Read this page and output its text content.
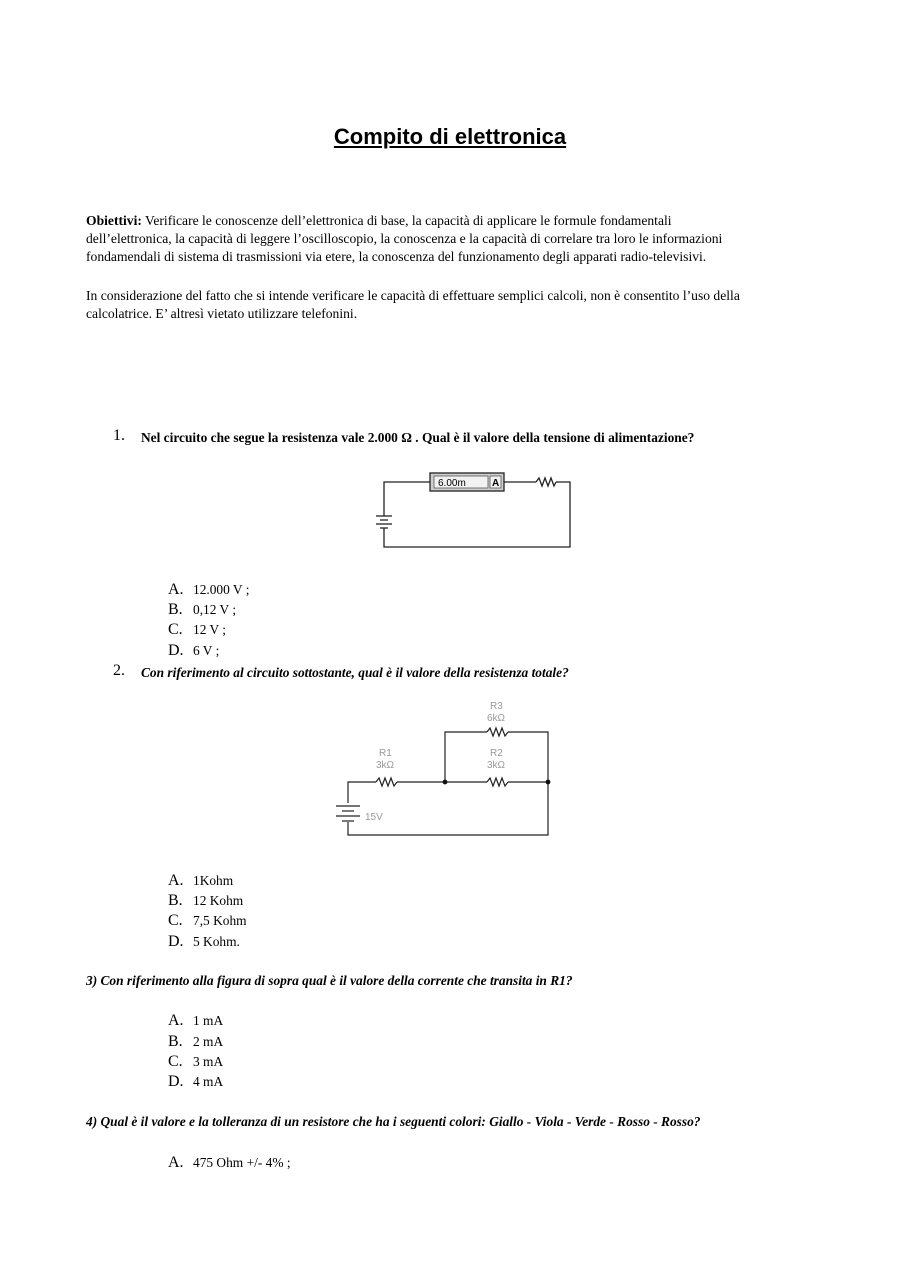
Compito di elettronica
Obiettivi: Verificare le conoscenze dell’elettronica di base, la capacità di applicare le formule fondamentali
dell’elettronica, la capacità di leggere l’oscilloscopio, la conoscenza e la capacità di correlare tra loro le informazioni
fondamendali di sistema di trasmissioni via etere, la conoscenza del funzionamento degli apparati radio-televisivi.
In considerazione del fatto che si intende verificare le capacità di effettuare semplici calcoli, non è consentito l’uso della
calcolatrice. E’ altresì vietato utilizzare telefonini.
1. Nel circuito che segue la resistenza vale 2.000 Ω . Qual è il valore della tensione di alimentazione?
6.00m	A
A. 12.000 V ;
B. 0,12 V ;
C. 12 V ;
D. 6 V ;
2. Con riferimento al circuito sottostante, qual è il valore della resistenza totale?
R1
3kΩ
R3
6kΩ
R2
3kΩ
15V
A. 1Kohm
B. 12 Kohm
C. 7,5 Kohm
D. 5 Kohm.
3) Con riferimento alla figura di sopra qual è il valore della corrente che transita in R1?
A. 1 mA
B. 2 mA
C. 3 mA
D. 4 mA
4) Qual è il valore e la tolleranza di un resistore che ha i seguenti colori: Giallo - Viola - Verde - Rosso - Rosso?
A. 475 Ohm +/- 4% ;
